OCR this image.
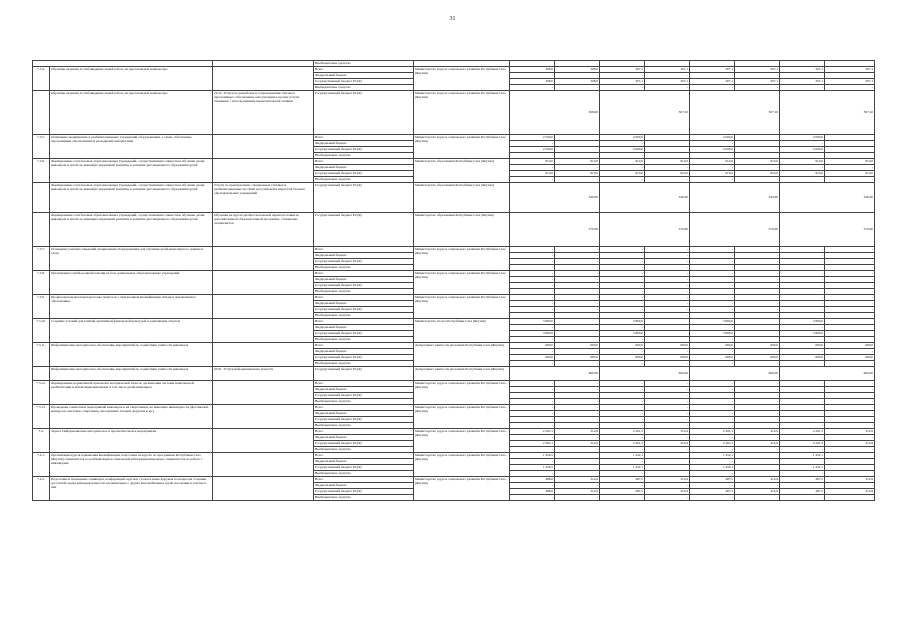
31
			Внебюджетные средства									
7.3.4.	Обучение незрячих и слабовидящих людей работе на персональном компьютере		Всего	Министерство труда и социального развития Республики Саха (Якутия)	308,0	308,0	307,1	307,1	307,1	307,1	307,1	307,1
			Федеральный бюджет		-	-	-	-	-	-	-	-
			Государственный бюджет РС(Я)		308,0	308,0	307,1	307,1	307,1	307,1	307,1	307,1
			Внебюджетные средства		-	-	-	-	-	-	-	-
	Обучение незрячих и слабовидящих людей работе на персональном компьютере	22.22. Услуги по разработке и сопровождению типового программного обеспечения, консультации и прочие услуги, связанные с использованием вычислительной техники	Государственный бюджет РС(Я)	Министерство труда и социального развития Республики Саха (Якутия)	308,00		307,10		307,10		307,10	
7.3.5.	Оснащение медицинских и реабилитационных учреждений оборудованием, а также обеспечение программным обеспечением и расходными материалами		Всего	Министерство труда и социального развития Республики Саха (Якутия)	2 500,0		2 000,0		2 000,0		2 000,0	
			Федеральный бюджет		-		-		-		-	
			Государственный бюджет РС(Я)		2 500,0		2 000,0		2 000,0		2 000,0	
			Внебюджетные средства		-		-		-		-	
7.3.6.	Формирование сети базовых образовательных учреждений, осуществляющих совместное обучение детей-инвалидов и детей, не имеющих нарушений развития, в развитие дистанционного образования детей		Всего	Министерство образования Республики Саха (Якутия)	910,0	910,0	910,0	910,0	910,0	910,0	910,0	910,0
			Федеральный бюджет		-	-	-	-	-	-	-	-
			Государственный бюджет РС(Я)		910,0	910,0	910,0	910,0	910,0	910,0	910,0	910,0
			Внебюджетные средства		-	-	-	-	-	-	-	-
	Формирование сети базовых образовательных учреждений, осуществляющих совместное обучение детей-инвалидов и детей, не имеющих нарушений развития, в развитие дистанционного образования детей	Услуги по приобретению специальных учебных и реабилитационных пособий для учителей и педагогов базовых образовательных учреждений	Государственный бюджет РС(Я)	Министерство образования Республики Саха (Якутия)	340,00		340,00		340,00		340,00	
	Формирование сети базовых образовательных учреждений, осуществляющих совместное обучение детей-инвалидов и детей, не имеющих нарушений развития, в развитие дистанционного образования детей	Обучение на курсах профессиональной переподготовки по дополнительной образовательной программе, стажировка специалистов	Государственный бюджет РС(Я)	Министерство образования Республики Саха (Якутия)	570,00		570,00		570,00		570,00	
7.3.7.	Оснащение учебных заведений специальным оборудованием для обучения детей-инвалидов по зрению и слуху		Всего	Министерство труда и социального развития Республики Саха (Якутия)	-	-	-	-	-	-	-	-
			Федеральный бюджет		-	-	-	-	-	-	-	-
			Государственный бюджет РС(Я)		-	-	-	-	-	-	-	-
			Внебюджетные средства		-	-	-	-	-	-	-	-
7.3.8.	Организация службы ранней помощи на базе дошкольных образовательных учреждений		Всего	Министерство труда и социального развития Республики Саха (Якутия)	-	-	-	-	-	-	-	-
			Федеральный бюджет		-	-	-	-	-	-	-	-
			Государственный бюджет РС(Я)		-	-	-	-	-	-	-	-
			Внебюджетные средства		-	-	-	-	-	-	-	-
7.3.9.	Профессиональная переподготовка педагогов с присвоением квалификации «Педагог инклюзивного образования»		Всего	Министерство труда и социального развития Республики Саха (Якутия)	-	-	-	-	-	-	-	-
			Федеральный бюджет		-	-	-	-	-	-	-	-
			Государственный бюджет РС(Я)		-	-	-	-	-	-	-	-
			Внебюджетные средства		-	-	-	-	-	-	-	-
7.3.10.	Создание условий для занятий адаптивной физической культурой и адаптивным спортом		Всего	Министерство спорта Республики Саха (Якутия)	3 800,0		3 800,0		3 800,0		3 800,0	
			Федеральный бюджет		-		-		-		-	
			Государственный бюджет РС(Я)		3 800,0		3 800,0		3 800,0		3 800,0	
			Внебюджетные средства		-		-		-		-	
7.3.11.	Информационно-методическое обеспечение мероприятий по содействию занятости инвалидов		Всего	Департамент занятости населения Республики Саха (Якутия)	600,0	600,0	600,0	600,0	600,0	600,0	600,0	600,0
			Федеральный бюджет		-	-	-	-	-	-	-	-
			Государственный бюджет РС(Я)		600,0	600,0	600,0	600,0	600,0	600,0	600,0	600,0
			Внебюджетные средства		-	-	-	-	-	-	-	-
	Информационно-методическое обеспечение мероприятий по содействию занятости инвалидов	63.91. Услуги информационных агентств	Государственный бюджет РС(Я)	Департамент занятости населения Республики Саха (Якутия)	600,00		600,00		600,00		600,00	
7.3.12.	Формирование нормативной правовой и методической базы по организации системы комплексной реабилитации и абилитации инвалидов, в том числе детей-инвалидов		Всего	Министерство труда и социального развития Республики Саха (Якутия)	-	-	-	-	-	-	-	-
			Федеральный бюджет		-	-	-	-	-	-	-	-
			Государственный бюджет РС(Я)		-	-	-	-	-	-	-	-
			Внебюджетные средства		-	-	-	-	-	-	-	-
7.3.13.	Проведение совместных мероприятий инвалидов и их сверстников, не имеющих инвалидности (фестивалей, конкурсов, выставок, спартакиад, молодежных лагерей, форумов и др.)		Всего	Министерство труда и социального развития Республики Саха (Якутия)	-	-	-	-	-	-	-	-
			Федеральный бюджет		-	-	-	-	-	-	-	-
			Государственный бюджет РС(Я)		-	-	-	-	-	-	-	-
			Внебюджетные средства		-	-	-	-	-	-	-	-
7.4.	Задача: Информационно-методическое и просветительское мероприятия		Всего	Министерство труда и социального развития Республики Саха (Якутия)	2 265,1	314,9	2 261,3	314,9	2 261,3	314,9	2 261,3	314,9
			Федеральный бюджет		-	-	-	-	-	-	-	-
			Государственный бюджет РС(Я)		2 265,1	314,9	2 261,3	314,9	2 261,3	314,9	2 261,3	314,9
			Внебюджетные средства		-	-	-	-	-	-	-	-
7.4.1.	Организация курсов повышения квалификации, подготовка на курсах по программам Республики Саха (Якутия) специалистов по реабилитации и социальной интеграции инвалидов, специалистов по работе с инвалидами		Всего	Министерство труда и социального развития Республики Саха (Якутия)	1 456,5		1 452,1		1 452,1		1 452,1	
			Федеральный бюджет		-		-		-		-	
			Государственный бюджет РС(Я)		1 456,5		1 452,1		1 452,1		1 452,1	
			Внебюджетные средства		-		-		-		-	
7.4.2.	Подготовка и проведение семинаров, конференций, круглых столов и иных форумов по вопросам создания доступной среды жизнедеятельности для инвалидов с других маломобильных групп населения и участие в них		Всего	Министерство труда и социального развития Республики Саха (Якутия)	488,6	314,9	487,5	314,9	487,5	314,9	487,5	314,9
			Федеральный бюджет		-	-	-	-	-	-	-	-
			Государственный бюджет РС(Я)		488,6	314,9	487,5	314,9	487,5	314,9	487,5	314,9
			Внебюджетные средства		-	-	-	-	-	-	-	-
